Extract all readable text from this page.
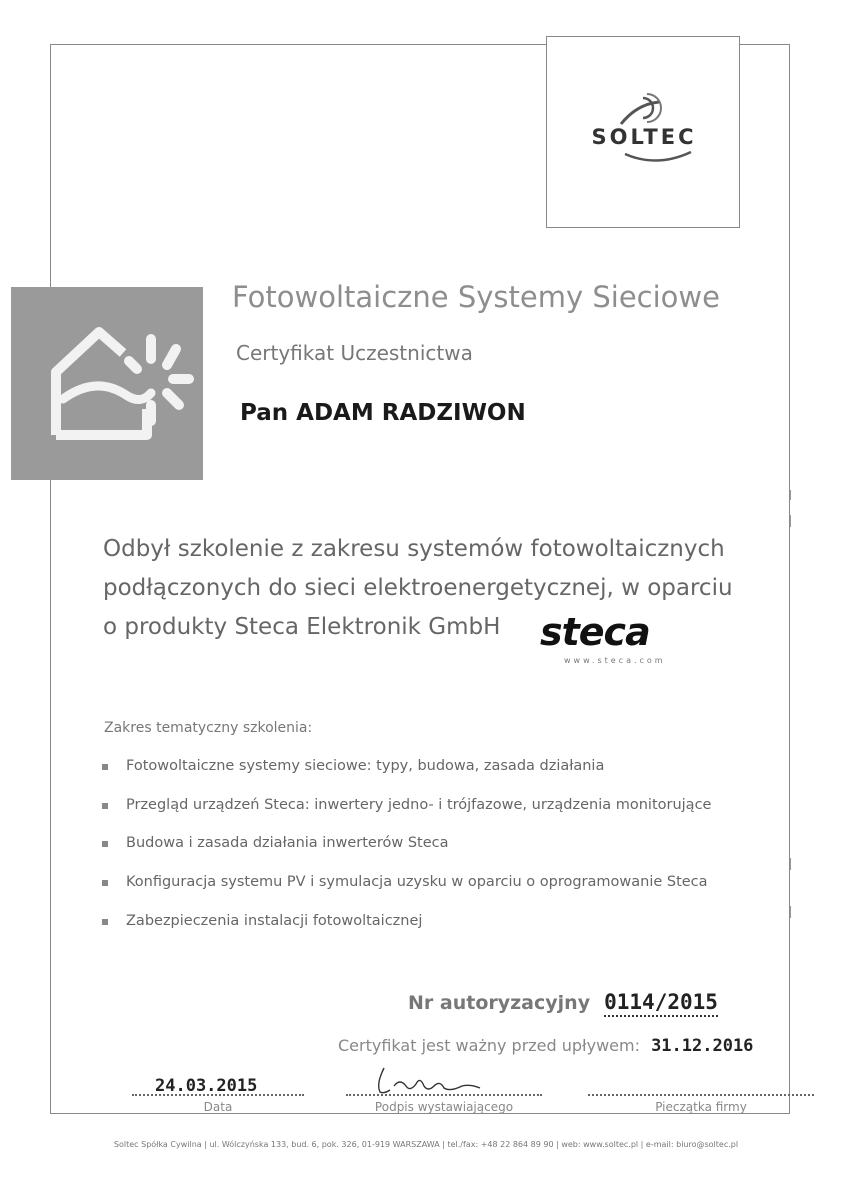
SOLTEC
Fotowoltaiczne Systemy Sieciowe
Certyfikat Uczestnictwa
Pan ADAM RADZIWON
Odbył szkolenie z zakresu systemów fotowoltaicznych
podłączonych do sieci elektroenergetycznej, w oparciu
o produkty Steca Elektronik GmbH	steca
www.steca.com
Zakres tematyczny szkolenia:
Fotowoltaiczne systemy sieciowe: typy, budowa, zasada działania
Przegląd urządzeń Steca: inwertery jedno- i trójfazowe, urządzenia monitorujące
Budowa i zasada działania inwerterów Steca
Konfiguracja systemu PV i symulacja uzysku w oparciu o oprogramowanie Steca
Zabezpieczenia instalacji fotowoltaicznej
Nr autoryzacyjny 0114/2015
Certyfikat jest ważny przed upływem: 31.12.2016
24.03.2015
Data	Podpis wystawiającego	Pieczątka firmy
Soltec Spółka Cywilna | ul. Wólczyńska 133, bud. 6, pok. 326, 01-919 WARSZAWA | tel./fax: +48 22 864 89 90 | web: www.soltec.pl | e-mail: biuro@soltec.pl
